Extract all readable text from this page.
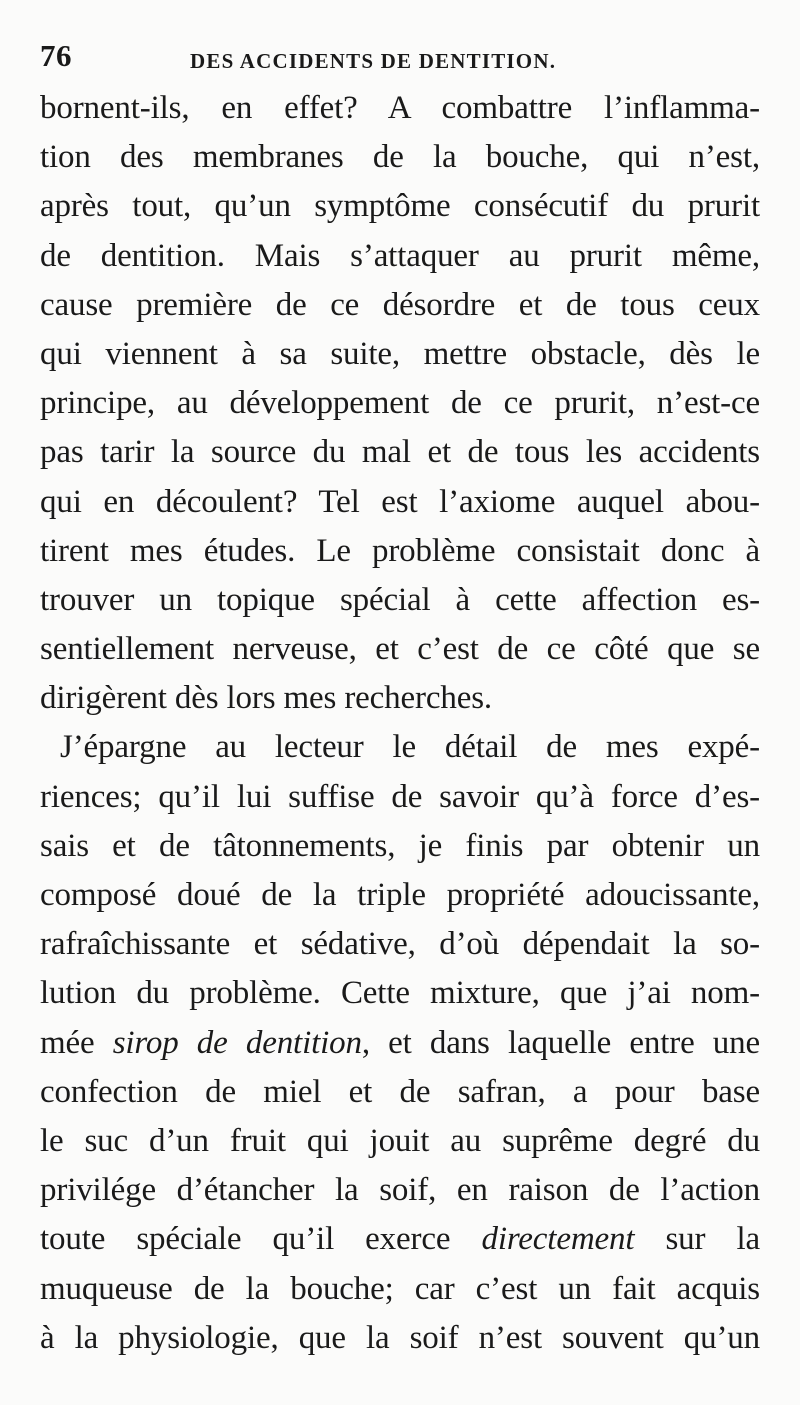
76	DES ACCIDENTS DE DENTITION.
bornent-ils, en effet? A combattre l’inflamma-
tion des membranes de la bouche, qui n’est,
après tout, qu’un symptôme consécutif du prurit
de dentition. Mais s’attaquer au prurit même,
cause première de ce désordre et de tous ceux
qui viennent à sa suite, mettre obstacle, dès le
principe, au développement de ce prurit, n’est-ce
pas tarir la source du mal et de tous les accidents
qui en découlent? Tel est l’axiome auquel abou-
tirent mes études. Le problème consistait donc à
trouver un topique spécial à cette affection es-
sentiellement nerveuse, et c’est de ce côté que se
dirigèrent dès lors mes recherches.
J’épargne au lecteur le détail de mes expé-
riences; qu’il lui suffise de savoir qu’à force d’es-
sais et de tâtonnements, je finis par obtenir un
composé doué de la triple propriété adoucissante,
rafraîchissante et sédative, d’où dépendait la so-
lution du problème. Cette mixture, que j’ai nom-
mée sirop de dentition, et dans laquelle entre une
confection de miel et de safran, a pour base
le suc d’un fruit qui jouit au suprême degré du
privilége d’étancher la soif, en raison de l’action
toute spéciale qu’il exerce directement sur la
muqueuse de la bouche; car c’est un fait acquis
à la physiologie, que la soif n’est souvent qu’un
